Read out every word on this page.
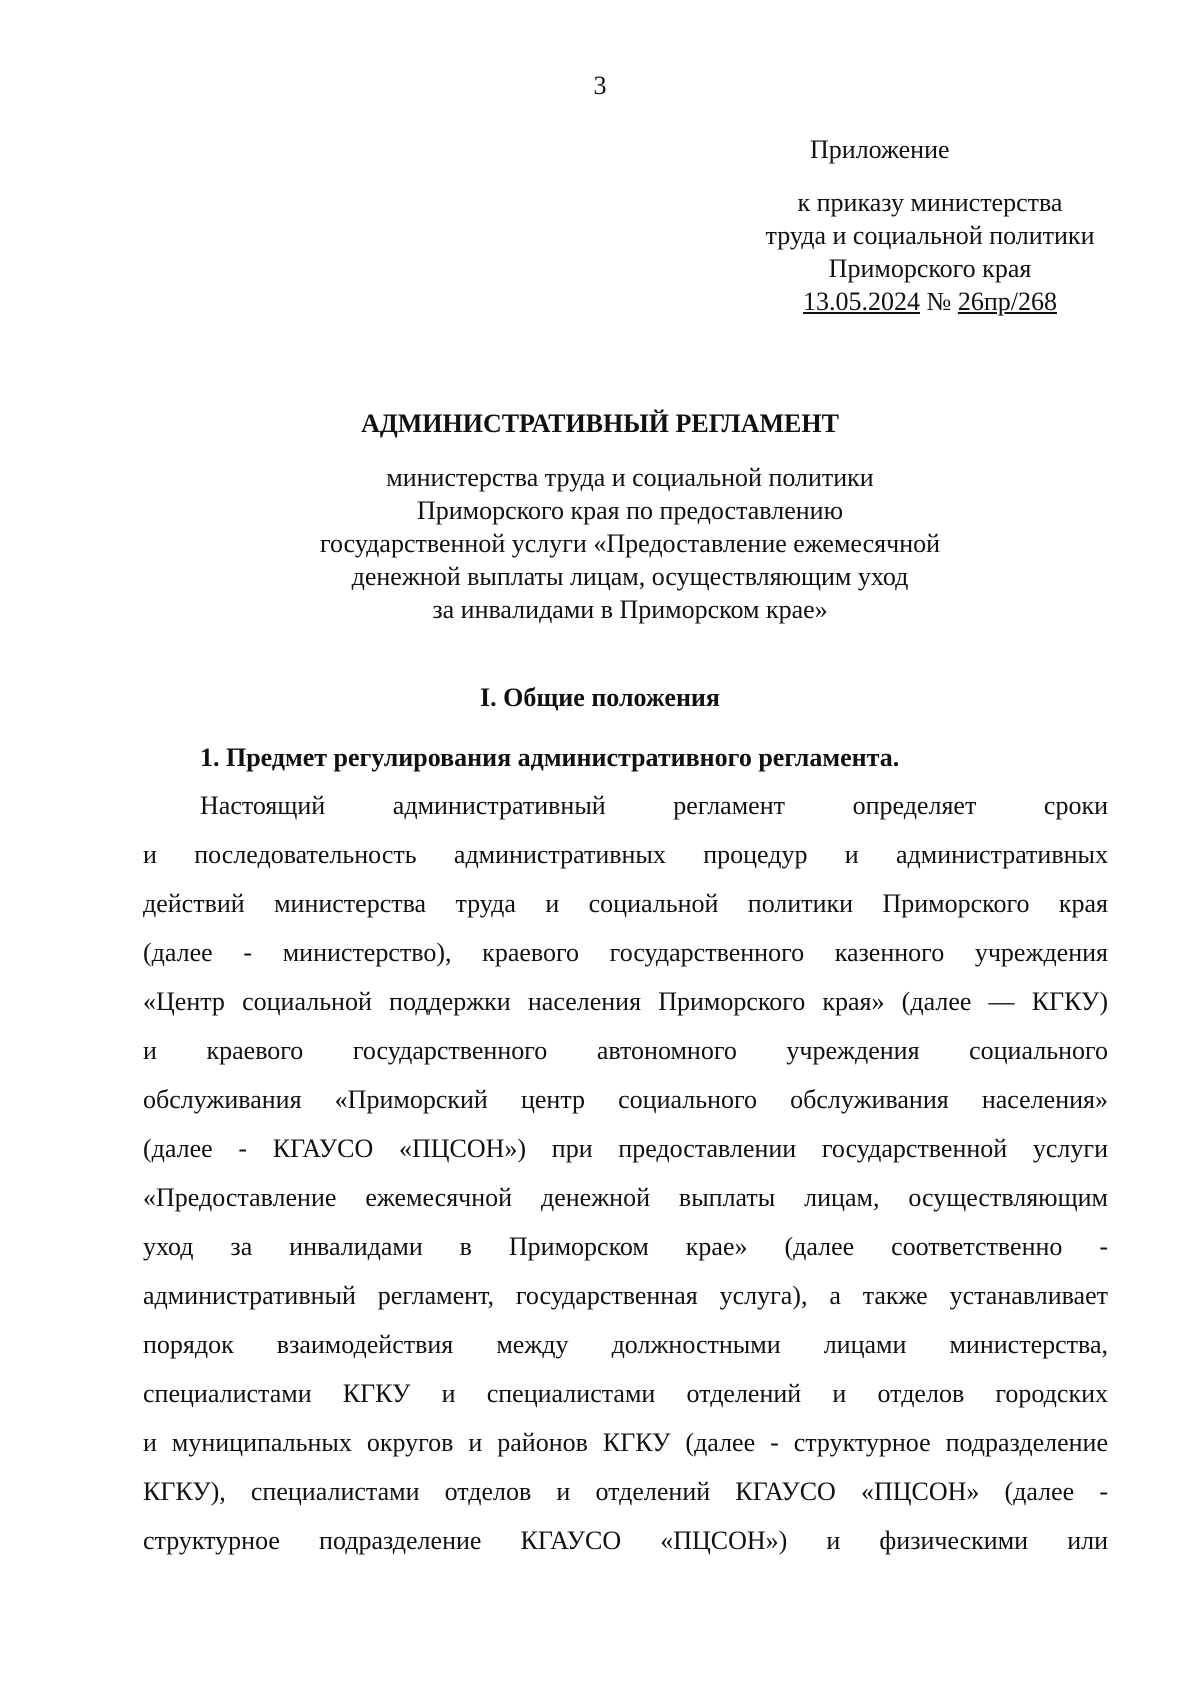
3
Приложение
к приказу министерства
труда и социальной политики
Приморского края
13.05.2024 № 26пр/268
АДМИНИСТРАТИВНЫЙ РЕГЛАМЕНТ
министерства труда и социальной политики
Приморского края по предоставлению
государственной услуги «Предоставление ежемесячной
денежной выплаты лицам, осуществляющим уход
за инвалидами в Приморском крае»
I. Общие положения
1. Предмет регулирования административного регламента.
Настоящий административный регламент определяет сроки
и последовательность административных процедур и административных
действий министерства труда и социальной политики Приморского края
(далее - министерство), краевого государственного казенного учреждения
«Центр социальной поддержки населения Приморского края» (далее — КГКУ)
и краевого государственного автономного учреждения социального
обслуживания «Приморский центр социального обслуживания населения»
(далее - КГАУСО «ПЦСОН») при предоставлении государственной услуги
«Предоставление ежемесячной денежной выплаты лицам, осуществляющим
уход за инвалидами в Приморском крае» (далее соответственно -
административный регламент, государственная услуга), а также устанавливает
порядок взаимодействия между должностными лицами министерства,
специалистами КГКУ и специалистами отделений и отделов городских
и муниципальных округов и районов КГКУ (далее - структурное подразделение
КГКУ), специалистами отделов и отделений КГАУСО «ПЦСОН» (далее -
структурное подразделение КГАУСО «ПЦСОН») и физическими или
